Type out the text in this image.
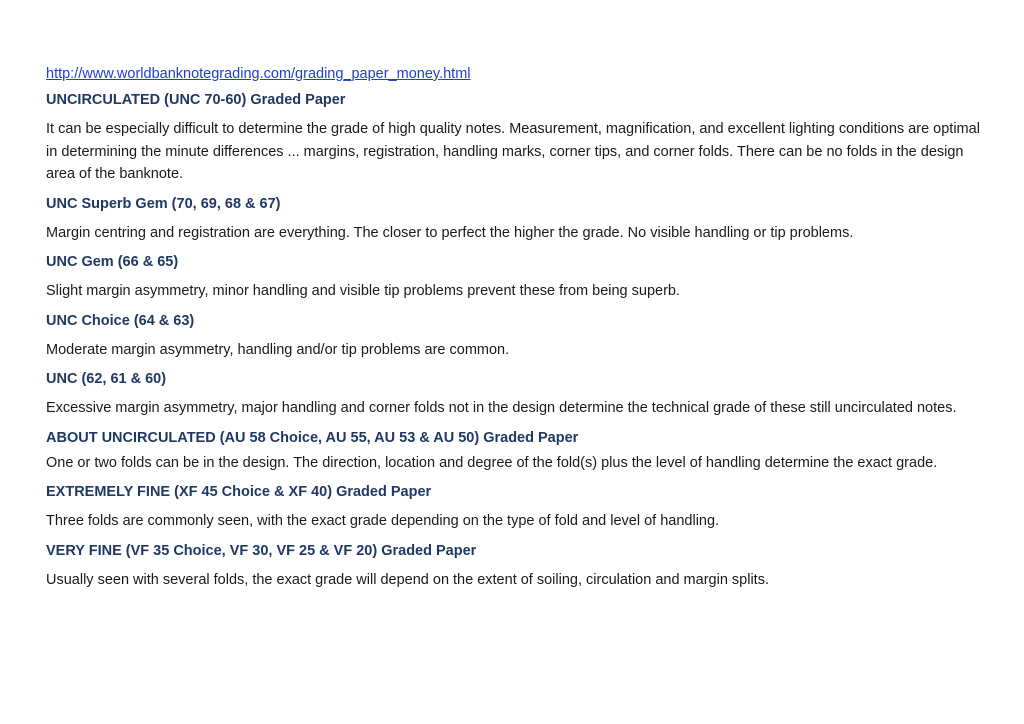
http://www.worldbanknotegrading.com/grading_paper_money.html
UNCIRCULATED (UNC 70-60) Graded Paper

It can be especially difficult to determine the grade of high quality notes. Measurement, magnification, and excellent lighting conditions are optimal in determining the minute differences ... margins, registration, handling marks, corner tips, and corner folds. There can be no folds in the design area of the banknote.

UNC Superb Gem (70, 69, 68 & 67)

Margin centring and registration are everything. The closer to perfect the higher the grade. No visible handling or tip problems.

UNC Gem (66 & 65)

Slight margin asymmetry, minor handling and visible tip problems prevent these from being superb.

UNC Choice (64 & 63)

Moderate margin asymmetry, handling and/or tip problems are common.

UNC (62, 61 & 60)

Excessive margin asymmetry, major handling and corner folds not in the design determine the technical grade of these still uncirculated notes.

ABOUT UNCIRCULATED (AU 58 Choice, AU 55, AU 53 & AU 50) Graded Paper

One or two folds can be in the design. The direction, location and degree of the fold(s) plus the level of handling determine the exact grade.

EXTREMELY FINE (XF 45 Choice & XF 40) Graded Paper

Three folds are commonly seen, with the exact grade depending on the type of fold and level of handling.

VERY FINE (VF 35 Choice, VF 30, VF 25 & VF 20) Graded Paper

Usually seen with several folds, the exact grade will depend on the extent of soiling, circulation and margin splits.
